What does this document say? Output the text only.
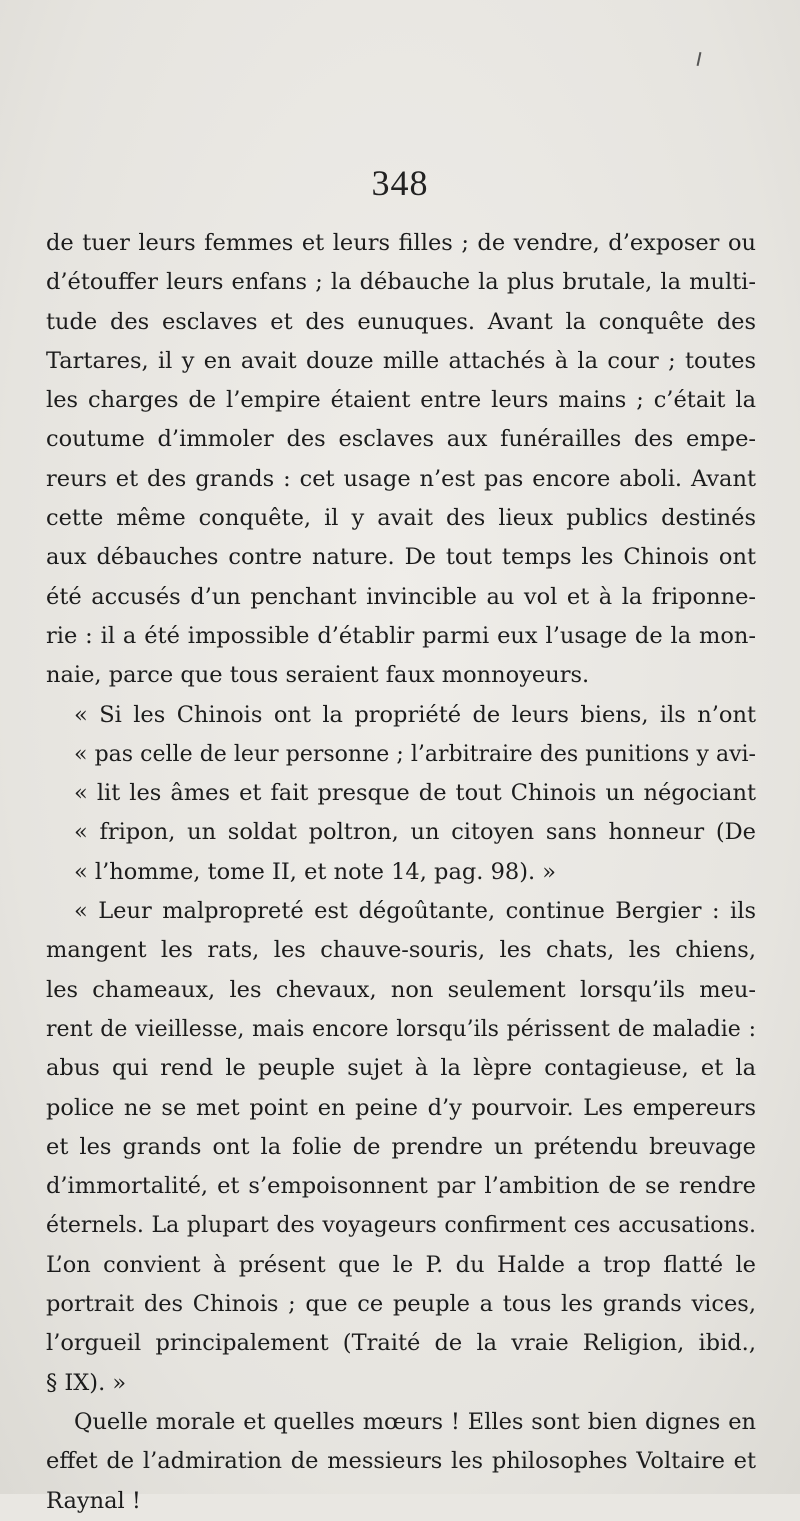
348
de tuer leurs femmes et leurs filles ; de vendre, d’exposer ou
d’étouffer leurs enfans ; la débauche la plus brutale, la multi-
tude des esclaves et des eunuques. Avant la conquête des
Tartares, il y en avait douze mille attachés à la cour ; toutes
les charges de l’empire étaient entre leurs mains ; c’était la
coutume d’immoler des esclaves aux funérailles des empe-
reurs et des grands : cet usage n’est pas encore aboli. Avant
cette même conquête, il y avait des lieux publics destinés
aux débauches contre nature. De tout temps les Chinois ont
été accusés d’un penchant invincible au vol et à la friponne-
rie : il a été impossible d’établir parmi eux l’usage de la mon-
naie, parce que tous seraient faux monnoyeurs.
« Si les Chinois ont la propriété de leurs biens, ils n’ont
« pas celle de leur personne ; l’arbitraire des punitions y avi-
« lit les âmes et fait presque de tout Chinois un négociant
« fripon, un soldat poltron, un citoyen sans honneur (De
« l’homme, tome II, et note 14, pag. 98). »
« Leur malpropreté est dégoûtante, continue Bergier : ils
mangent les rats, les chauve-souris, les chats, les chiens,
les chameaux, les chevaux, non seulement lorsqu’ils meu-
rent de vieillesse, mais encore lorsqu’ils périssent de maladie :
abus qui rend le peuple sujet à la lèpre contagieuse, et la
police ne se met point en peine d’y pourvoir. Les empereurs
et les grands ont la folie de prendre un prétendu breuvage
d’immortalité, et s’empoisonnent par l’ambition de se rendre
éternels. La plupart des voyageurs confirment ces accusations.
L’on convient à présent que le P. du Halde a trop flatté le
portrait des Chinois ; que ce peuple a tous les grands vices,
l’orgueil principalement (Traité de la vraie Religion, ibid.,
§ IX). »
Quelle morale et quelles mœurs ! Elles sont bien dignes en
effet de l’admiration de messieurs les philosophes Voltaire et
Raynal !
